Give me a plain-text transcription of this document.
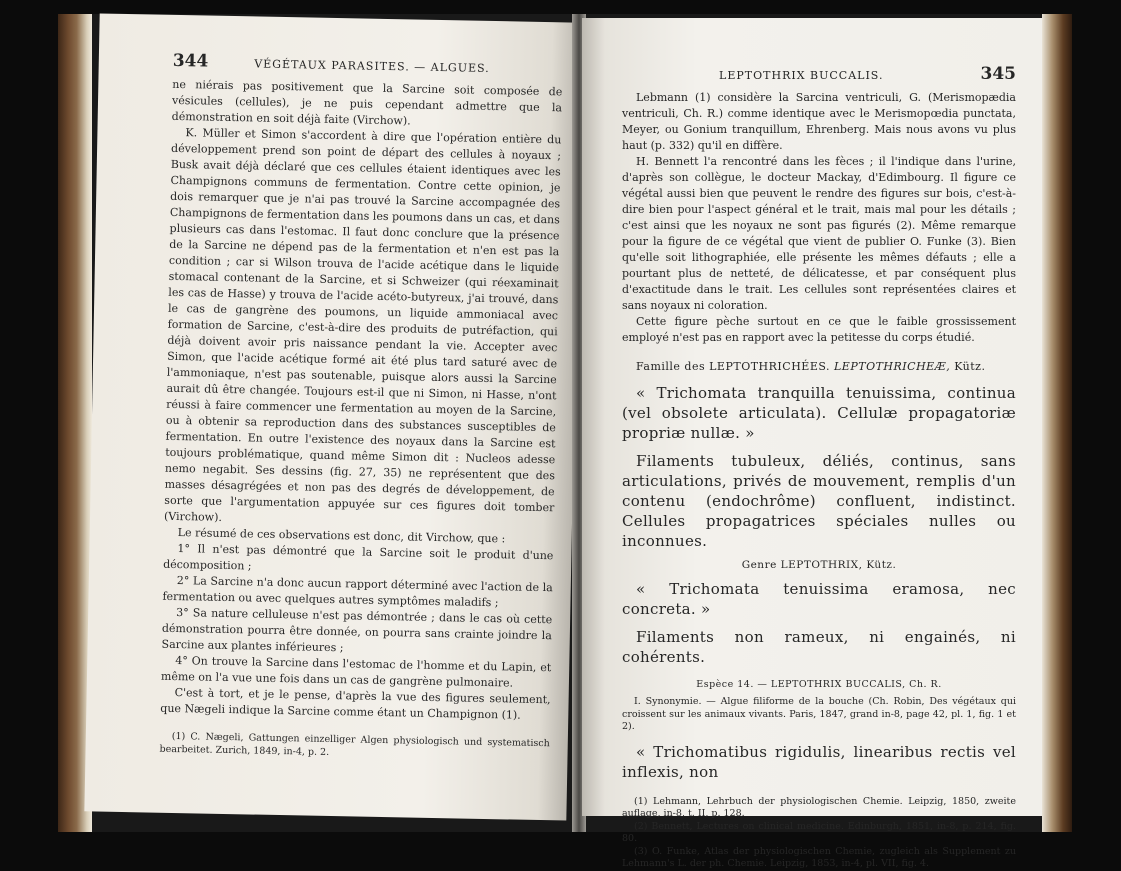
344	VÉGÉTAUX PARASITES. — ALGUES.

ne niérais pas positivement que la Sarcine soit composée de vésicules (cellules), je ne puis cependant admettre que la démonstration en soit déjà faite (Virchow).

K. Müller et Simon s'accordent à dire que l'opération entière du développement prend son point de départ des cellules à noyaux ; Busk avait déjà déclaré que ces cellules étaient identiques avec les Champignons communs de fermentation. Contre cette opinion, je dois remarquer que je n'ai pas trouvé la Sarcine accompagnée des Champignons de fermentation dans les poumons dans un cas, et dans plusieurs cas dans l'estomac. Il faut donc conclure que la présence de la Sarcine ne dépend pas de la fermentation et n'en est pas la condition ; car si Wilson trouva de l'acide acétique dans le liquide stomacal contenant de la Sarcine, et si Schweizer (qui réexaminait les cas de Hasse) y trouva de l'acide acéto-butyreux, j'ai trouvé, dans le cas de gangrène des poumons, un liquide ammoniacal avec formation de Sarcine, c'est-à-dire des produits de putréfaction, qui déjà doivent avoir pris naissance pendant la vie. Accepter avec Simon, que l'acide acétique formé ait été plus tard saturé avec de l'ammoniaque, n'est pas soutenable, puisque alors aussi la Sarcine aurait dû être changée. Toujours est-il que ni Simon, ni Hasse, n'ont réussi à faire commencer une fermentation au moyen de la Sarcine, ou à obtenir sa reproduction dans des substances susceptibles de fermentation. En outre l'existence des noyaux dans la Sarcine est toujours problématique, quand même Simon dit : Nucleos adesse nemo negabit. Ses dessins (fig. 27, 35) ne représentent que des masses désagrégées et non pas des degrés de développement, de sorte que l'argumentation appuyée sur ces figures doit tomber (Virchow).

Le résumé de ces observations est donc, dit Virchow, que :

1° Il n'est pas démontré que la Sarcine soit le produit d'une décomposition ;

2° La Sarcine n'a donc aucun rapport déterminé avec l'action de la fermentation ou avec quelques autres symptômes maladifs ;

3° Sa nature celluleuse n'est pas démontrée ; dans le cas où cette démonstration pourra être donnée, on pourra sans crainte joindre la Sarcine aux plantes inférieures ;

4° On trouve la Sarcine dans l'estomac de l'homme et du Lapin, et même on l'a vue une fois dans un cas de gangrène pulmonaire.

C'est à tort, et je le pense, d'après la vue des figures seulement, que Nægeli indique la Sarcine comme étant un Champignon (1).

(1) C. Nægeli, Gattungen einzelliger Algen physiologisch und systematisch bearbeitet. Zurich, 1849, in-4, p. 2.

LEPTOTHRIX BUCCALIS.	345

Lebmann (1) considère la Sarcina ventriculi, G. (Merismopædia ventriculi, Ch. R.) comme identique avec le Merismopœdia punctata, Meyer, ou Gonium tranquillum, Ehrenberg. Mais nous avons vu plus haut (p. 332) qu'il en diffère.

H. Bennett l'a rencontré dans les fèces ; il l'indique dans l'urine, d'après son collègue, le docteur Mackay, d'Edimbourg. Il figure ce végétal aussi bien que peuvent le rendre des figures sur bois, c'est-à-dire bien pour l'aspect général et le trait, mais mal pour les détails ; c'est ainsi que les noyaux ne sont pas figurés (2). Même remarque pour la figure de ce végétal que vient de publier O. Funke (3). Bien qu'elle soit lithographiée, elle présente les mêmes défauts ; elle a pourtant plus de netteté, de délicatesse, et par conséquent plus d'exactitude dans le trait. Les cellules sont représentées claires et sans noyaux ni coloration.

Cette figure pèche surtout en ce que le faible grossissement employé n'est pas en rapport avec la petitesse du corps étudié.

Famille des LEPTOTHRICHÉES. LEPTOTHRICHEÆ, Kütz.

« Trichomata tranquilla tenuissima, continua (vel obsolete articulata). Cellulæ propagatoriæ propriæ nullæ. »

Filaments tubuleux, déliés, continus, sans articulations, privés de mouvement, remplis d'un contenu (endochrôme) confluent, indistinct. Cellules propagatrices spéciales nulles ou inconnues.

Genre LEPTOTHRIX, Kütz.

« Trichomata tenuissima eramosa, nec concreta. »

Filaments non rameux, ni engainés, ni cohérents.

Espèce 14. — LEPTOTHRIX BUCCALIS, Ch. R.

I. Synonymie. — Algue filiforme de la bouche (Ch. Robin, Des végétaux qui croissent sur les animaux vivants. Paris, 1847, grand in-8, page 42, pl. 1, fig. 1 et 2).

« Trichomatibus rigidulis, linearibus rectis vel inflexis, non

(1) Lehmann, Lehrbuch der physiologischen Chemie. Leipzig, 1850, zweite auflage, in-8, t. II, p. 128.

(2) Bennett, Lectures on clinical medicine. Edinburgh, 1851, in-8, p. 214, fig. 80.

(3) O. Funke, Atlas der physiologischen Chemie, zugleich als Supplement zu Lehmann's L. der ph. Chemie. Leipzig, 1853, in-4, pl. VII, fig. 4.
